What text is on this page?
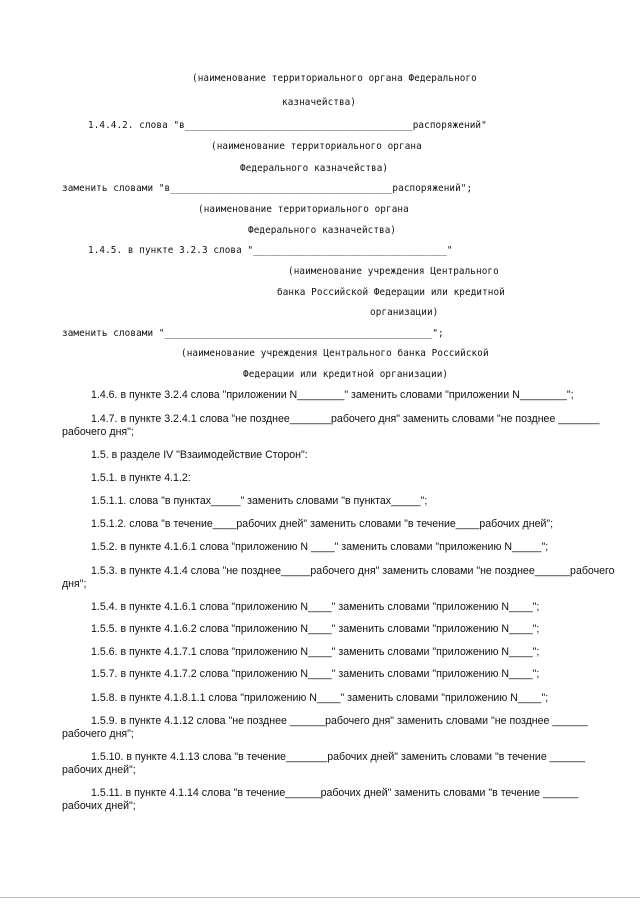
(наименование территориального органа Федерального
казначейства)
1.4.4.2. слова "в________________________________________распоряжений"
(наименование территориального органа
Федерального казначейства)
заменить словами "в_______________________________________распоряжений";
(наименование территориального органа
Федерального казначейства)
1.4.5. в пункте 3.2.3 слова "__________________________________"
(наименование учреждения Центрального
банка Российской Федерации или кредитной
организации)
заменить словами "_______________________________________________";
(наименование учреждения Центрального банка Российской
Федерации или кредитной организации)
1.4.6. в пункте 3.2.4 слова "приложении N________" заменить словами "приложении N________";
1.4.7. в пункте 3.2.4.1 слова "не позднее_______рабочего дня" заменить словами "не позднее _______
рабочего дня";
1.5. в разделе IV "Взаимодействие Сторон":
1.5.1. в пункте 4.1.2:
1.5.1.1. слова "в пунктах_____" заменить словами "в пунктах_____";
1.5.1.2. слова "в течение____рабочих дней" заменить словами "в течение____рабочих дней";
1.5.2. в пункте 4.1.6.1 слова "приложению N ____" заменить словами "приложению N_____";
1.5.3. в пункте 4.1.4 слова "не позднее_____рабочего дня" заменить словами "не позднее______рабочего
дня";
1.5.4. в пункте 4.1.6.1 слова "приложению N____" заменить словами "приложению N____";
1.5.5. в пункте 4.1.6.2 слова "приложению N____" заменить словами "приложению N____";
1.5.6. в пункте 4.1.7.1 слова "приложению N____" заменить словами "приложению N____";
1.5.7. в пункте 4.1.7.2 слова "приложению N____" заменить словами "приложению N____";
1.5.8. в пункте 4.1.8.1.1 слова "приложению N____" заменить словами "приложению N____";
1.5.9. в пункте 4.1.12 слова "не позднее ______рабочего дня" заменить словами "не позднее ______
рабочего дня";
1.5.10. в пункте 4.1.13 слова "в течение_______рабочих дней" заменить словами "в течение ______
рабочих дней";
1.5.11. в пункте 4.1.14 слова "в течение______рабочих дней" заменить словами "в течение ______
рабочих дней";
